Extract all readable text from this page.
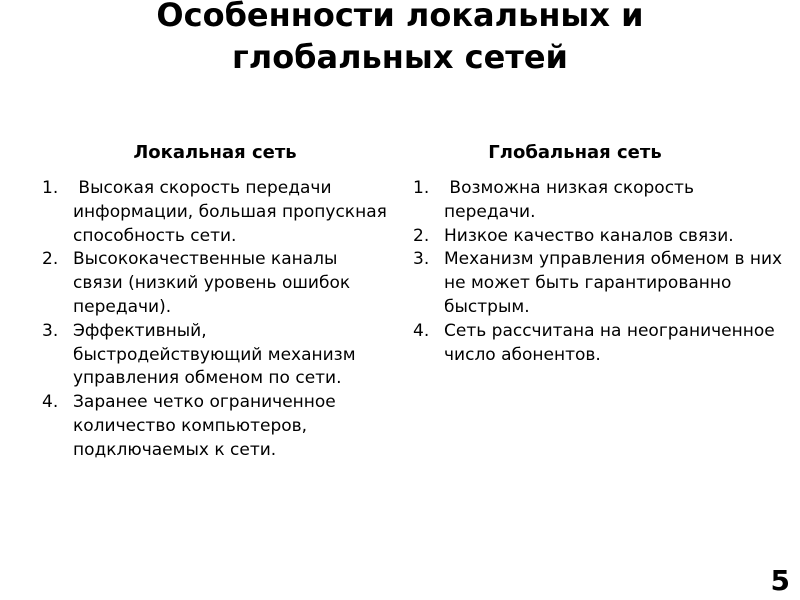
Особенности локальных и
глобальных сетей
Локальная сеть	Глобальная сеть
1. Высокая скорость передачи информации, большая пропускная способность сети.
2. Высококачественные каналы связи (низкий уровень ошибок передачи).
3. Эффективный, быстродействующий механизм управления обменом по сети.
4. Заранее четко ограниченное количество компьютеров, подключаемых к сети.
1. Возможна низкая скорость передачи.
2. Низкое качество каналов связи.
3. Механизм управления обменом в них не может быть гарантированно быстрым.
4. Сеть рассчитана на неограниченное число абонентов.
5
